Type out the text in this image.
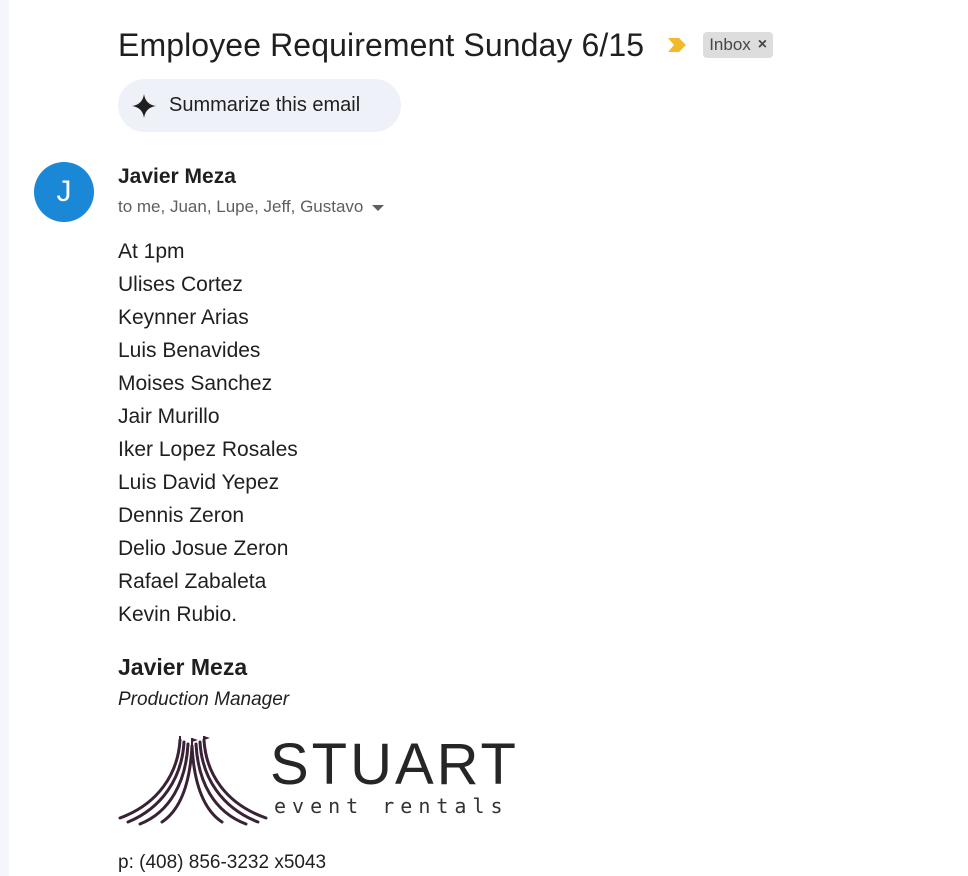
Employee Requirement Sunday 6/15	Inbox ×
Summarize this email
J	Javier Meza
to me, Juan, Lupe, Jeff, Gustavo
At 1pm
Ulises Cortez
Keynner Arias
Luis Benavides
Moises Sanchez
Jair Murillo
Iker Lopez Rosales
Luis David Yepez
Dennis Zeron
Delio Josue Zeron
Rafael Zabaleta
Kevin Rubio.
Javier Meza
Production Manager
STUART
event rentals
p: (408) 856-3232 x5043
